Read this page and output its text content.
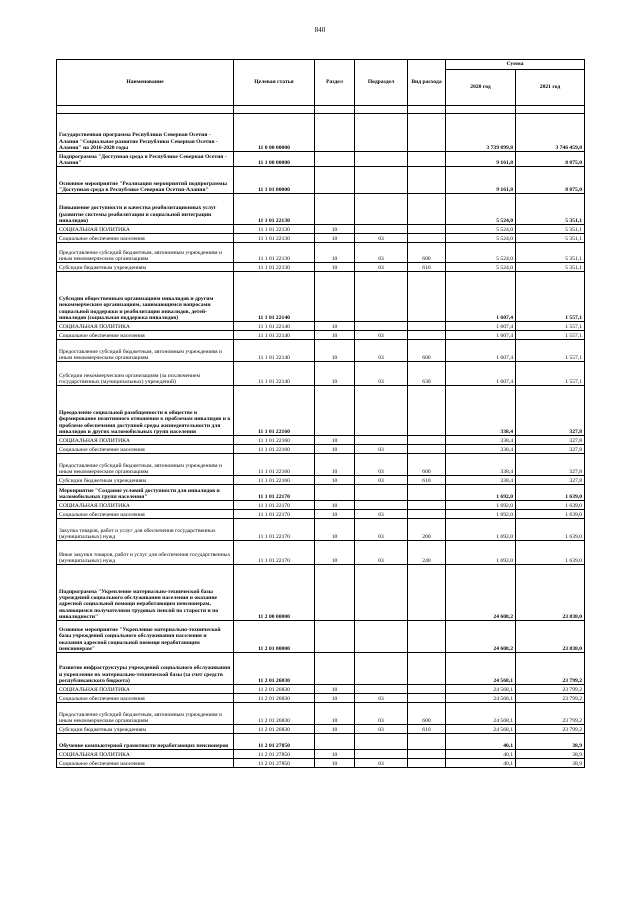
840
Наименование	Целевая статья	Раздел	Подраздел	Вид расхода	Сумма	
					2020 год	2021 год

Государственная программа Республики Северная Осетия - Алания "Социальное развитие Республики Северная Осетия - Алания" на 2016-2020 годы	11 0 00 00000				3 739 899,8	3 746 459,8
Подпрограмма "Доступная среда в Республике Северная Осетия - Алания"	11 1 00 00000				9 161,8	8 875,0
Основное мероприятие "Реализация мероприятий подпрограммы "Доступная среда в Республике Северная Осетия-Алания"	11 1 01 00000				9 161,8	8 875,0
Повышение доступности и качества реабилитационных услуг (развитие системы реабилитации и социальной интеграции инвалидов)	11 1 01 22130				5 524,0	5 351,1
СОЦИАЛЬНАЯ ПОЛИТИКА	11 1 01 22130	10			5 524,0	5 351,1
Социальное обеспечение населения	11 1 01 22130	10	03		5 524,0	5 351,1
Предоставление субсидий бюджетным, автономным учреждениям и иным некоммерческим организациям	11 1 01 22130	10	03	600	5 524,0	5 351,1
Субсидии бюджетным учреждениям	11 1 01 22130	10	03	610	5 524,0	5 351,1
Субсидии общественным организациям инвалидов и другим некоммерческим организациям, занимающимся вопросами социальной поддержки и реабилитации инвалидов, детей-инвалидов (социальная поддержка инвалидов)	11 1 01 22140				1 607,4	1 557,1
СОЦИАЛЬНАЯ ПОЛИТИКА	11 1 01 22140	10			1 607,4	1 557,1
Социальное обеспечение населения	11 1 01 22140	10	03		1 607,4	1 557,1
Предоставление субсидий бюджетным, автономным учреждениям и иным некоммерческим организациям	11 1 01 22140	10	03	600	1 607,4	1 557,1
Субсидии некоммерческим организациям (за исключением государственных (муниципальных) учреждений)	11 1 01 22140	10	03	630	1 607,4	1 557,1
Преодоление социальной разобщенности в обществе и формирование позитивного отношения к проблемам инвалидов и к проблеме обеспечения доступной среды жизнедеятельности для инвалидов и других маломобильных групп населения	11 1 01 22160				338,4	327,8
СОЦИАЛЬНАЯ ПОЛИТИКА	11 1 01 22160	10			338,4	327,8
Социальное обеспечение населения	11 1 01 22160	10	03		338,4	327,8
Предоставление субсидий бюджетным, автономным учреждениям и иным некоммерческим организациям	11 1 01 22160	10	03	600	338,4	327,8
Субсидии бюджетным учреждениям	11 1 01 22160	10	03	610	338,4	327,8
Мероприятие "Создание условий доступности для инвалидов и маломобильных групп населения"	11 1 01 22170				1 692,0	1 639,0
СОЦИАЛЬНАЯ ПОЛИТИКА	11 1 01 22170	10			1 692,0	1 639,0
Социальное обеспечение населения	11 1 01 22170	10	03		1 692,0	1 639,0
Закупка товаров, работ и услуг для обеспечения государственных (муниципальных) нужд	11 1 01 22170	10	03	200	1 692,0	1 639,0
Иные закупки товаров, работ и услуг для обеспечения государственных (муниципальных) нужд	11 1 01 22170	10	03	240	1 692,0	1 639,0
Подпрограмма "Укрепление материально-технической базы учреждений социального обслуживания населения и оказание адресной социальной помощи неработающим пенсионерам, являющимся получателями трудовых пенсий по старости и по инвалидности"	11 2 00 00000				24 608,2	23 838,0
Основное мероприятие "Укрепление материально-технической базы учреждений социального обслуживания населения и оказания адресной социальной помощи неработающим пенсионерам"	11 2 01 00000				24 608,2	23 838,0
Развитие инфраструктуры учреждений социального обслуживания и укрепление их материально-технической базы (за счет средств республиканского бюджета)	11 2 01 26830				24 568,1	23 799,2
СОЦИАЛЬНАЯ ПОЛИТИКА	11 2 01 26830	10			24 568,1	23 799,2
Социальное обеспечение населения	11 2 01 26830	10	03		24 568,1	23 799,2
Предоставление субсидий бюджетным, автономным учреждениям и иным некоммерческим организациям	11 2 01 26830	10	03	600	24 568,1	23 799,2
Субсидии бюджетным учреждениям	11 2 01 26830	10	03	610	24 568,1	23 799,2
Обучение компьютерной грамотности неработающих пенсионеров	11 2 01 27850				40,1	38,9
СОЦИАЛЬНАЯ ПОЛИТИКА	11 2 01 27850	10			40,1	38,9
Социальное обеспечение населения	11 2 01 27850	10	03		40,1	38,9
